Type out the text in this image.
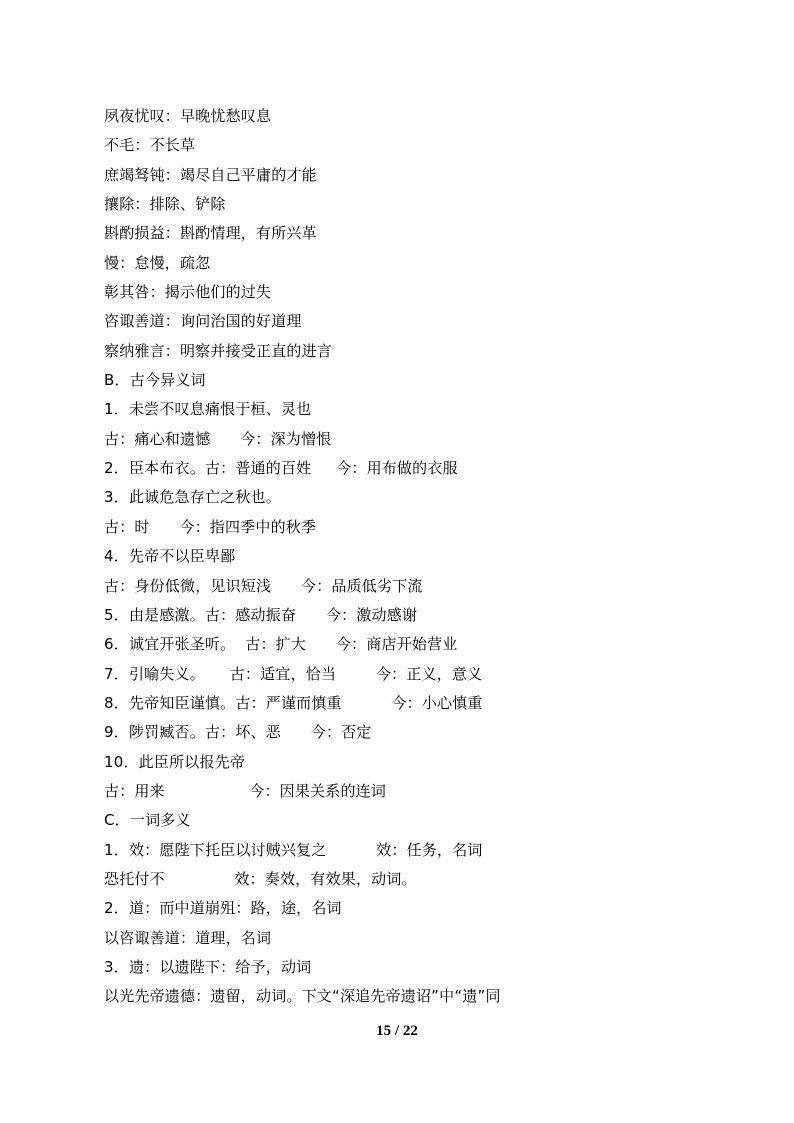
夙夜忧叹：早晚忧愁叹息
不毛：不长草
庶竭驽钝：竭尽自己平庸的才能
攘除：排除、铲除
斟酌损益：斟酌情理，有所兴革
慢：怠慢，疏忽
彰其咎：揭示他们的过失
咨诹善道：询问治国的好道理
察纳雅言：明察并接受正直的进言
B．古今异义词
1．未尝不叹息痛恨于桓、灵也
古：痛心和遗憾      今：深为憎恨
2．臣本布衣。古：普通的百姓     今：用布做的衣服
3．此诚危急存亡之秋也。
古：时      今：指四季中的秋季
4．先帝不以臣卑鄙
古：身份低微，见识短浅      今：品质低劣下流
5．由是感激。古：感动振奋      今：激动感谢
6．诚宜开张圣听。  古：扩大      今：商店开始营业
7．引喻失义。     古：适宜，恰当        今：正义，意义
8．先帝知臣谨慎。古：严谨而慎重          今：小心慎重
9．陟罚臧否。古：坏、恶      今：否定
10．此臣所以报先帝
古：用来                 今：因果关系的连词
C．一词多义
1．效：愿陛下托臣以讨贼兴复之          效：任务，名词
恐托付不              效：奏效，有效果，动词。
2．道：而中道崩殂：路，途，名词
以咨诹善道：道理，名词
3．遗：以遗陛下：给予，动词
以光先帝遗德：遗留，动词。下文“深追先帝遗诏”中“遗”同
15 / 22
